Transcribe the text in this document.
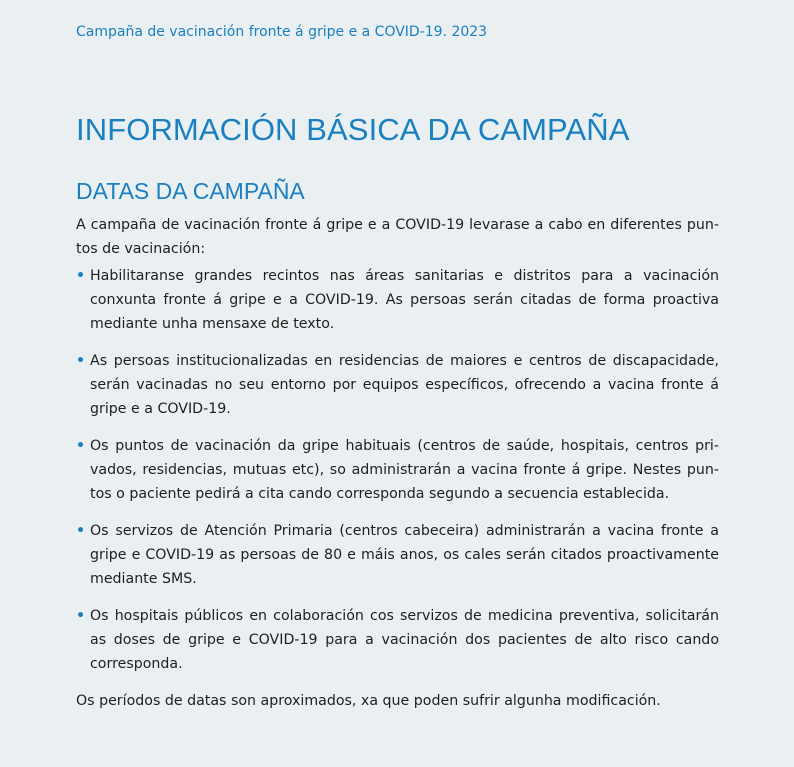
Campaña de vacinación fronte á gripe e a COVID-19. 2023
INFORMACIÓN BÁSICA DA CAMPAÑA
DATAS DA CAMPAÑA

A campaña de vacinación fronte á gripe e a COVID-19 levarase a cabo en diferentes puntos de vacinación:

• Habilitaranse grandes recintos nas áreas sanitarias e distritos para a vacinación conxunta fronte á gripe e a COVID-19. As persoas serán citadas de forma proactiva mediante unha mensaxe de texto.
• As persoas institucionalizadas en residencias de maiores e centros de discapacidade, serán vacinadas no seu entorno por equipos específicos, ofrecendo a vacina fronte á gripe e a COVID-19.
• Os puntos de vacinación da gripe habituais (centros de saúde, hospitais, centros privados, residencias, mutuas etc), so administrarán a vacina fronte á gripe. Nestes puntos o paciente pedirá a cita cando corresponda segundo a secuencia establecida.
• Os servizos de Atención Primaria (centros cabeceira) administrarán a vacina fronte a gripe e COVID-19 as persoas de 80 e máis anos, os cales serán citados proactivamente mediante SMS.
• Os hospitais públicos en colaboración cos servizos de medicina preventiva, solicitarán as doses de gripe e COVID-19 para a vacinación dos pacientes de alto risco cando corresponda.

Os períodos de datas son aproximados, xa que poden sufrir algunha modificación.
